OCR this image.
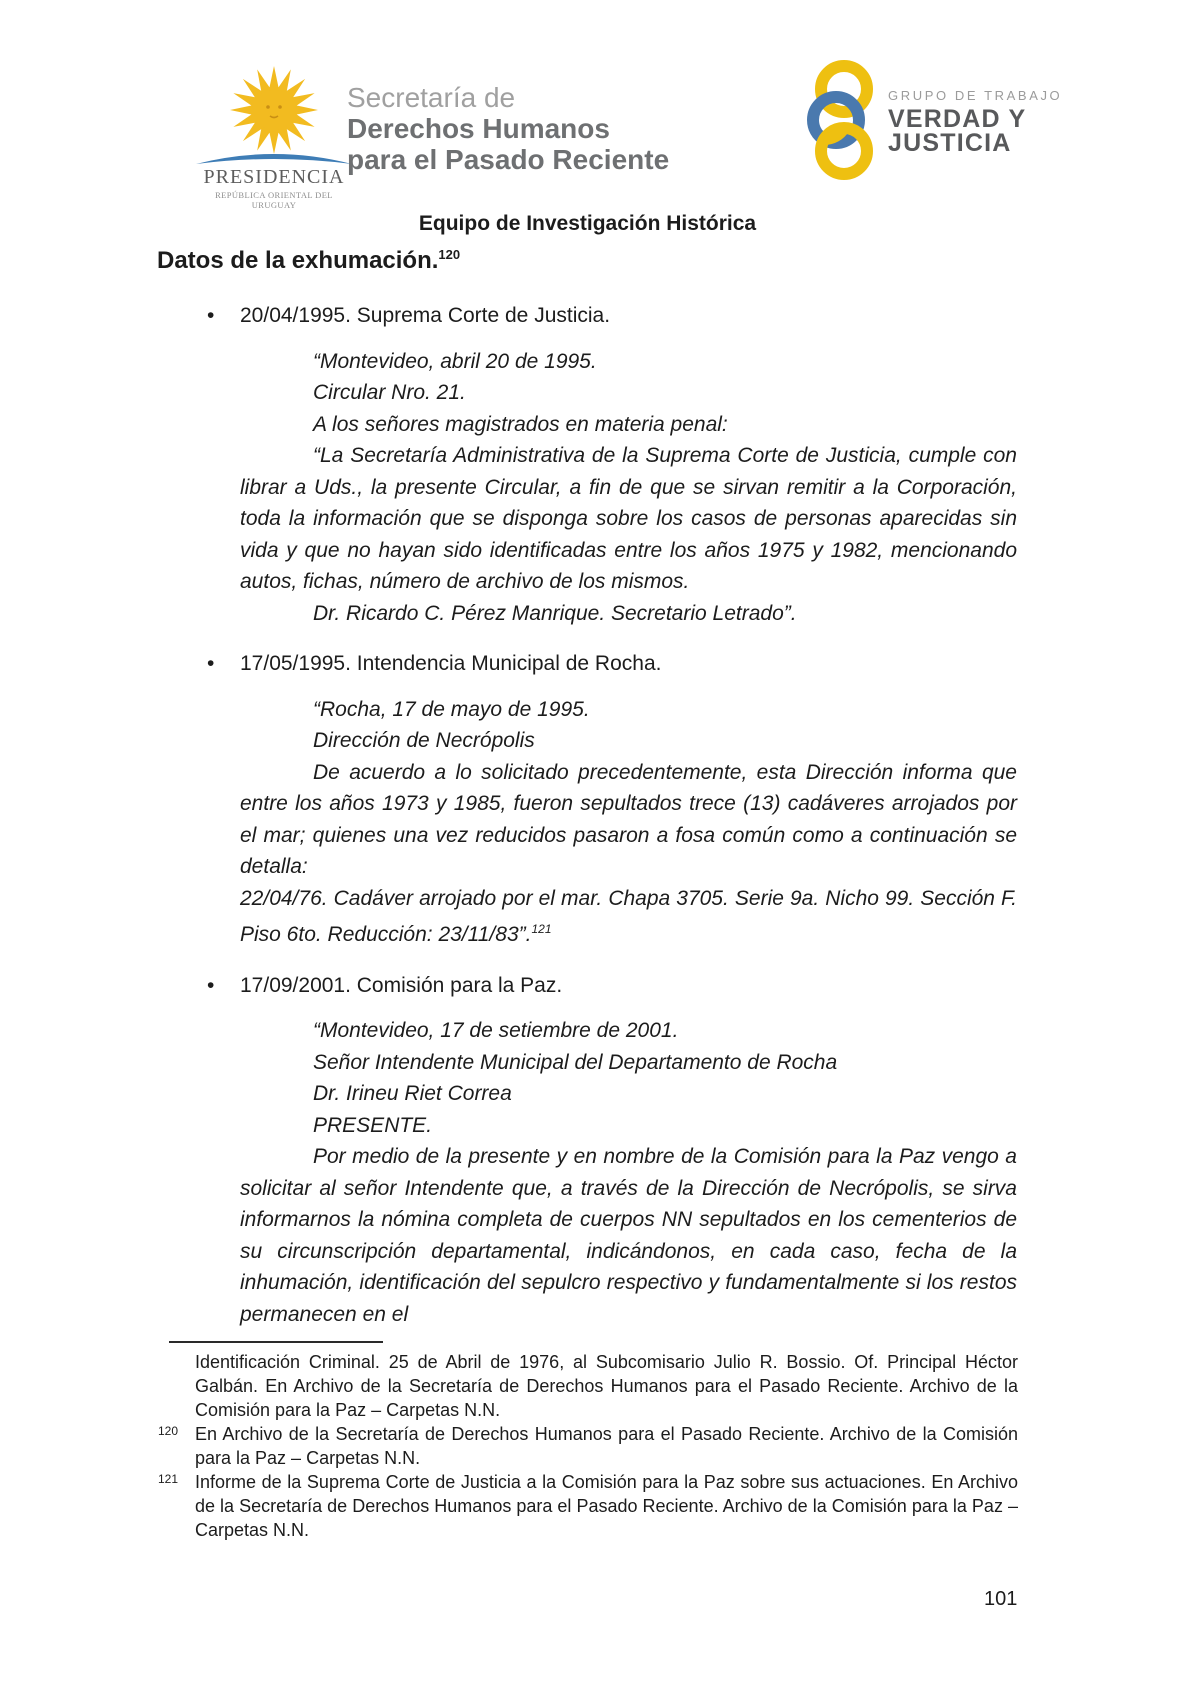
PRESIDENCIA
REPÚBLICA ORIENTAL DEL URUGUAY
Secretaría de
Derechos Humanos
para el Pasado Reciente
GRUPO DE TRABAJO
VERDAD Y
JUSTICIA
Equipo de Investigación Histórica
Datos de la exhumación.$^{120}$
•	20/04/1995. Suprema Corte de Justicia.

“Montevideo, abril 20 de 1995.

Circular Nro. 21.

A los señores magistrados en materia penal:

“La Secretaría Administrativa de la Suprema Corte de Justicia, cumple con librar a Uds., la presente Circular, a fin de que se sirvan remitir a la Corporación, toda la información que se disponga sobre los casos de personas aparecidas sin vida y que no hayan sido identificadas entre los años 1975 y 1982, mencionando autos, fichas, número de archivo de los mismos.

Dr. Ricardo C. Pérez Manrique. Secretario Letrado”.

•	17/05/1995. Intendencia Municipal de Rocha.

“Rocha, 17 de mayo de 1995.

Dirección de Necrópolis

De acuerdo a lo solicitado precedentemente, esta Dirección informa que entre los años 1973 y 1985, fueron sepultados trece (13) cadáveres arrojados por el mar; quienes una vez reducidos pasaron a fosa común como a continuación se detalla:

22/04/76. Cadáver arrojado por el mar. Chapa 3705. Serie 9a. Nicho 99. Sección F. Piso 6to. Reducción: 23/11/83”.$^{121}$

•	17/09/2001. Comisión para la Paz.

“Montevideo, 17 de setiembre de 2001.

Señor Intendente Municipal del Departamento de Rocha

Dr. Irineu Riet Correa

PRESENTE.

Por medio de la presente y en nombre de la Comisión para la Paz vengo a solicitar al señor Intendente que, a través de la Dirección de Necrópolis, se sirva informarnos la nómina completa de cuerpos NN sepultados en los cementerios de su circunscripción departamental, indicándonos, en cada caso, fecha de la inhumación, identificación del sepulcro respectivo y fundamentalmente si los restos permanecen en el

Identificación Criminal. 25 de Abril de 1976, al Subcomisario Julio R. Bossio. Of. Principal Héctor Galbán. En Archivo de la Secretaría de Derechos Humanos para el Pasado Reciente. Archivo de la Comisión para la Paz – Carpetas N.N.
120 En Archivo de la Secretaría de Derechos Humanos para el Pasado Reciente. Archivo de la Comisión para la Paz – Carpetas N.N.
121 Informe de la Suprema Corte de Justicia a la Comisión para la Paz sobre sus actuaciones. En Archivo de la Secretaría de Derechos Humanos para el Pasado Reciente. Archivo de la Comisión para la Paz – Carpetas N.N.
101
